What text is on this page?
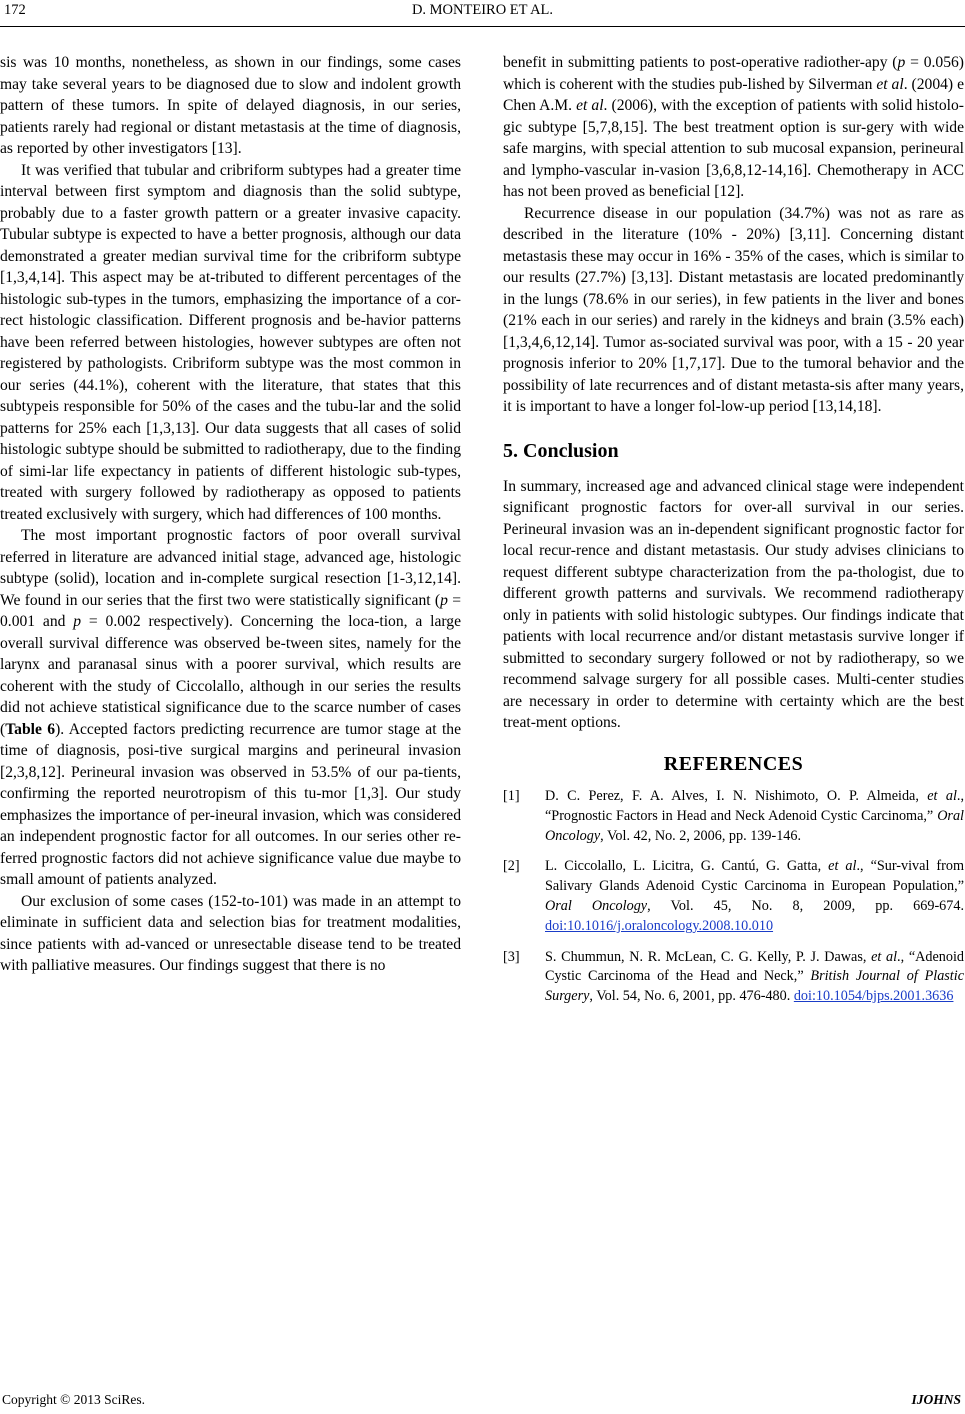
172	D. MONTEIRO ET AL.

sis was 10 months, nonetheless, as shown in our findings, some cases may take several years to be diagnosed due to slow and indolent growth pattern of these tumors. In spite of delayed diagnosis, in our series, patients rarely had regional or distant metastasis at the time of diagnosis, as reported by other investigators [13].

It was verified that tubular and cribriform subtypes had a greater time interval between first symptom and diagnosis than the solid subtype, probably due to a faster growth pattern or a greater invasive capacity. Tubular subtype is expected to have a better prognosis, although our data demonstrated a greater median survival time for the cribriform subtype [1,3,4,14]. This aspect may be at-tributed to different percentages of the histologic sub-types in the tumors, emphasizing the importance of a cor-rect histologic classification. Different prognosis and be-havior patterns have been referred between histologies, however subtypes are often not registered by pathologists. Cribriform subtype was the most common in our series (44.1%), coherent with the literature, that states that this subtypeis responsible for 50% of the cases and the tubu-lar and the solid patterns for 25% each [1,3,13]. Our data suggests that all cases of solid histologic subtype should be submitted to radiotherapy, due to the finding of simi-lar life expectancy in patients of different histologic sub-types, treated with surgery followed by radiotherapy as opposed to patients treated exclusively with surgery, which had differences of 100 months.

The most important prognostic factors of poor overall survival referred in literature are advanced initial stage, advanced age, histologic subtype (solid), location and in-complete surgical resection [1-3,12,14]. We found in our series that the first two were statistically significant (p = 0.001 and p = 0.002 respectively). Concerning the loca-tion, a large overall survival difference was observed be-tween sites, namely for the larynx and paranasal sinus with a poorer survival, which results are coherent with the study of Ciccolallo, although in our series the results did not achieve statistical significance due to the scarce number of cases (Table 6). Accepted factors predicting recurrence are tumor stage at the time of diagnosis, posi-tive surgical margins and perineural invasion [2,3,8,12]. Perineural invasion was observed in 53.5% of our pa-tients, confirming the reported neurotropism of this tu-mor [1,3]. Our study emphasizes the importance of per-ineural invasion, which was considered an independent prognostic factor for all outcomes. In our series other re-ferred prognostic factors did not achieve significance value due maybe to small amount of patients analyzed.

Our exclusion of some cases (152-to-101) was made in an attempt to eliminate in sufficient data and selection bias for treatment modalities, since patients with ad-vanced or unresectable disease tend to be treated with palliative measures. Our findings suggest that there is no

benefit in submitting patients to post-operative radiother-apy (p = 0.056) which is coherent with the studies pub-lished by Silverman et al. (2004) e Chen A.M. et al. (2006), with the exception of patients with solid histolo-gic subtype [5,7,8,15]. The best treatment option is sur-gery with wide safe margins, with special attention to sub mucosal expansion, perineural and lympho-vascular in-vasion [3,6,8,12-14,16]. Chemotherapy in ACC has not been proved as beneficial [12].

Recurrence disease in our population (34.7%) was not as rare as described in the literature (10% - 20%) [3,11]. Concerning distant metastasis these may occur in 16% - 35% of the cases, which is similar to our results (27.7%) [3,13]. Distant metastasis are located predominantly in the lungs (78.6% in our series), in few patients in the liver and bones (21% each in our series) and rarely in the kidneys and brain (3.5% each) [1,3,4,6,12,14]. Tumor as-sociated survival was poor, with a 15 - 20 year prognosis inferior to 20% [1,7,17]. Due to the tumoral behavior and the possibility of late recurrences and of distant metasta-sis after many years, it is important to have a longer fol-low-up period [13,14,18].

5. Conclusion

In summary, increased age and advanced clinical stage were independent significant prognostic factors for over-all survival in our series. Perineural invasion was an in-dependent significant prognostic factor for local recur-rence and distant metastasis. Our study advises clinicians to request different subtype characterization from the pa-thologist, due to different growth patterns and survivals. We recommend radiotherapy only in patients with solid histologic subtypes. Our findings indicate that patients with local recurrence and/or distant metastasis survive longer if submitted to secondary surgery followed or not by radiotherapy, so we recommend salvage surgery for all possible cases. Multi-center studies are necessary in order to determine with certainty which are the best treat-ment options.

REFERENCES
[1]	D. C. Perez, F. A. Alves, I. N. Nishimoto, O. P. Almeida, et al., “Prognostic Factors in Head and Neck Adenoid Cystic Carcinoma,” Oral Oncology, Vol. 42, No. 2, 2006, pp. 139-146.
[2]	L. Ciccolallo, L. Licitra, G. Cantú, G. Gatta, et al., “Sur-vival from Salivary Glands Adenoid Cystic Carcinoma in European Population,” Oral Oncology, Vol. 45, No. 8, 2009, pp. 669-674. doi:10.1016/j.oraloncology.2008.10.010
[3]	S. Chummun, N. R. McLean, C. G. Kelly, P. J. Dawas, et al., “Adenoid Cystic Carcinoma of the Head and Neck,” British Journal of Plastic Surgery, Vol. 54, No. 6, 2001, pp. 476-480. doi:10.1054/bjps.2001.3636
Copyright © 2013 SciRes.	IJOHNS
